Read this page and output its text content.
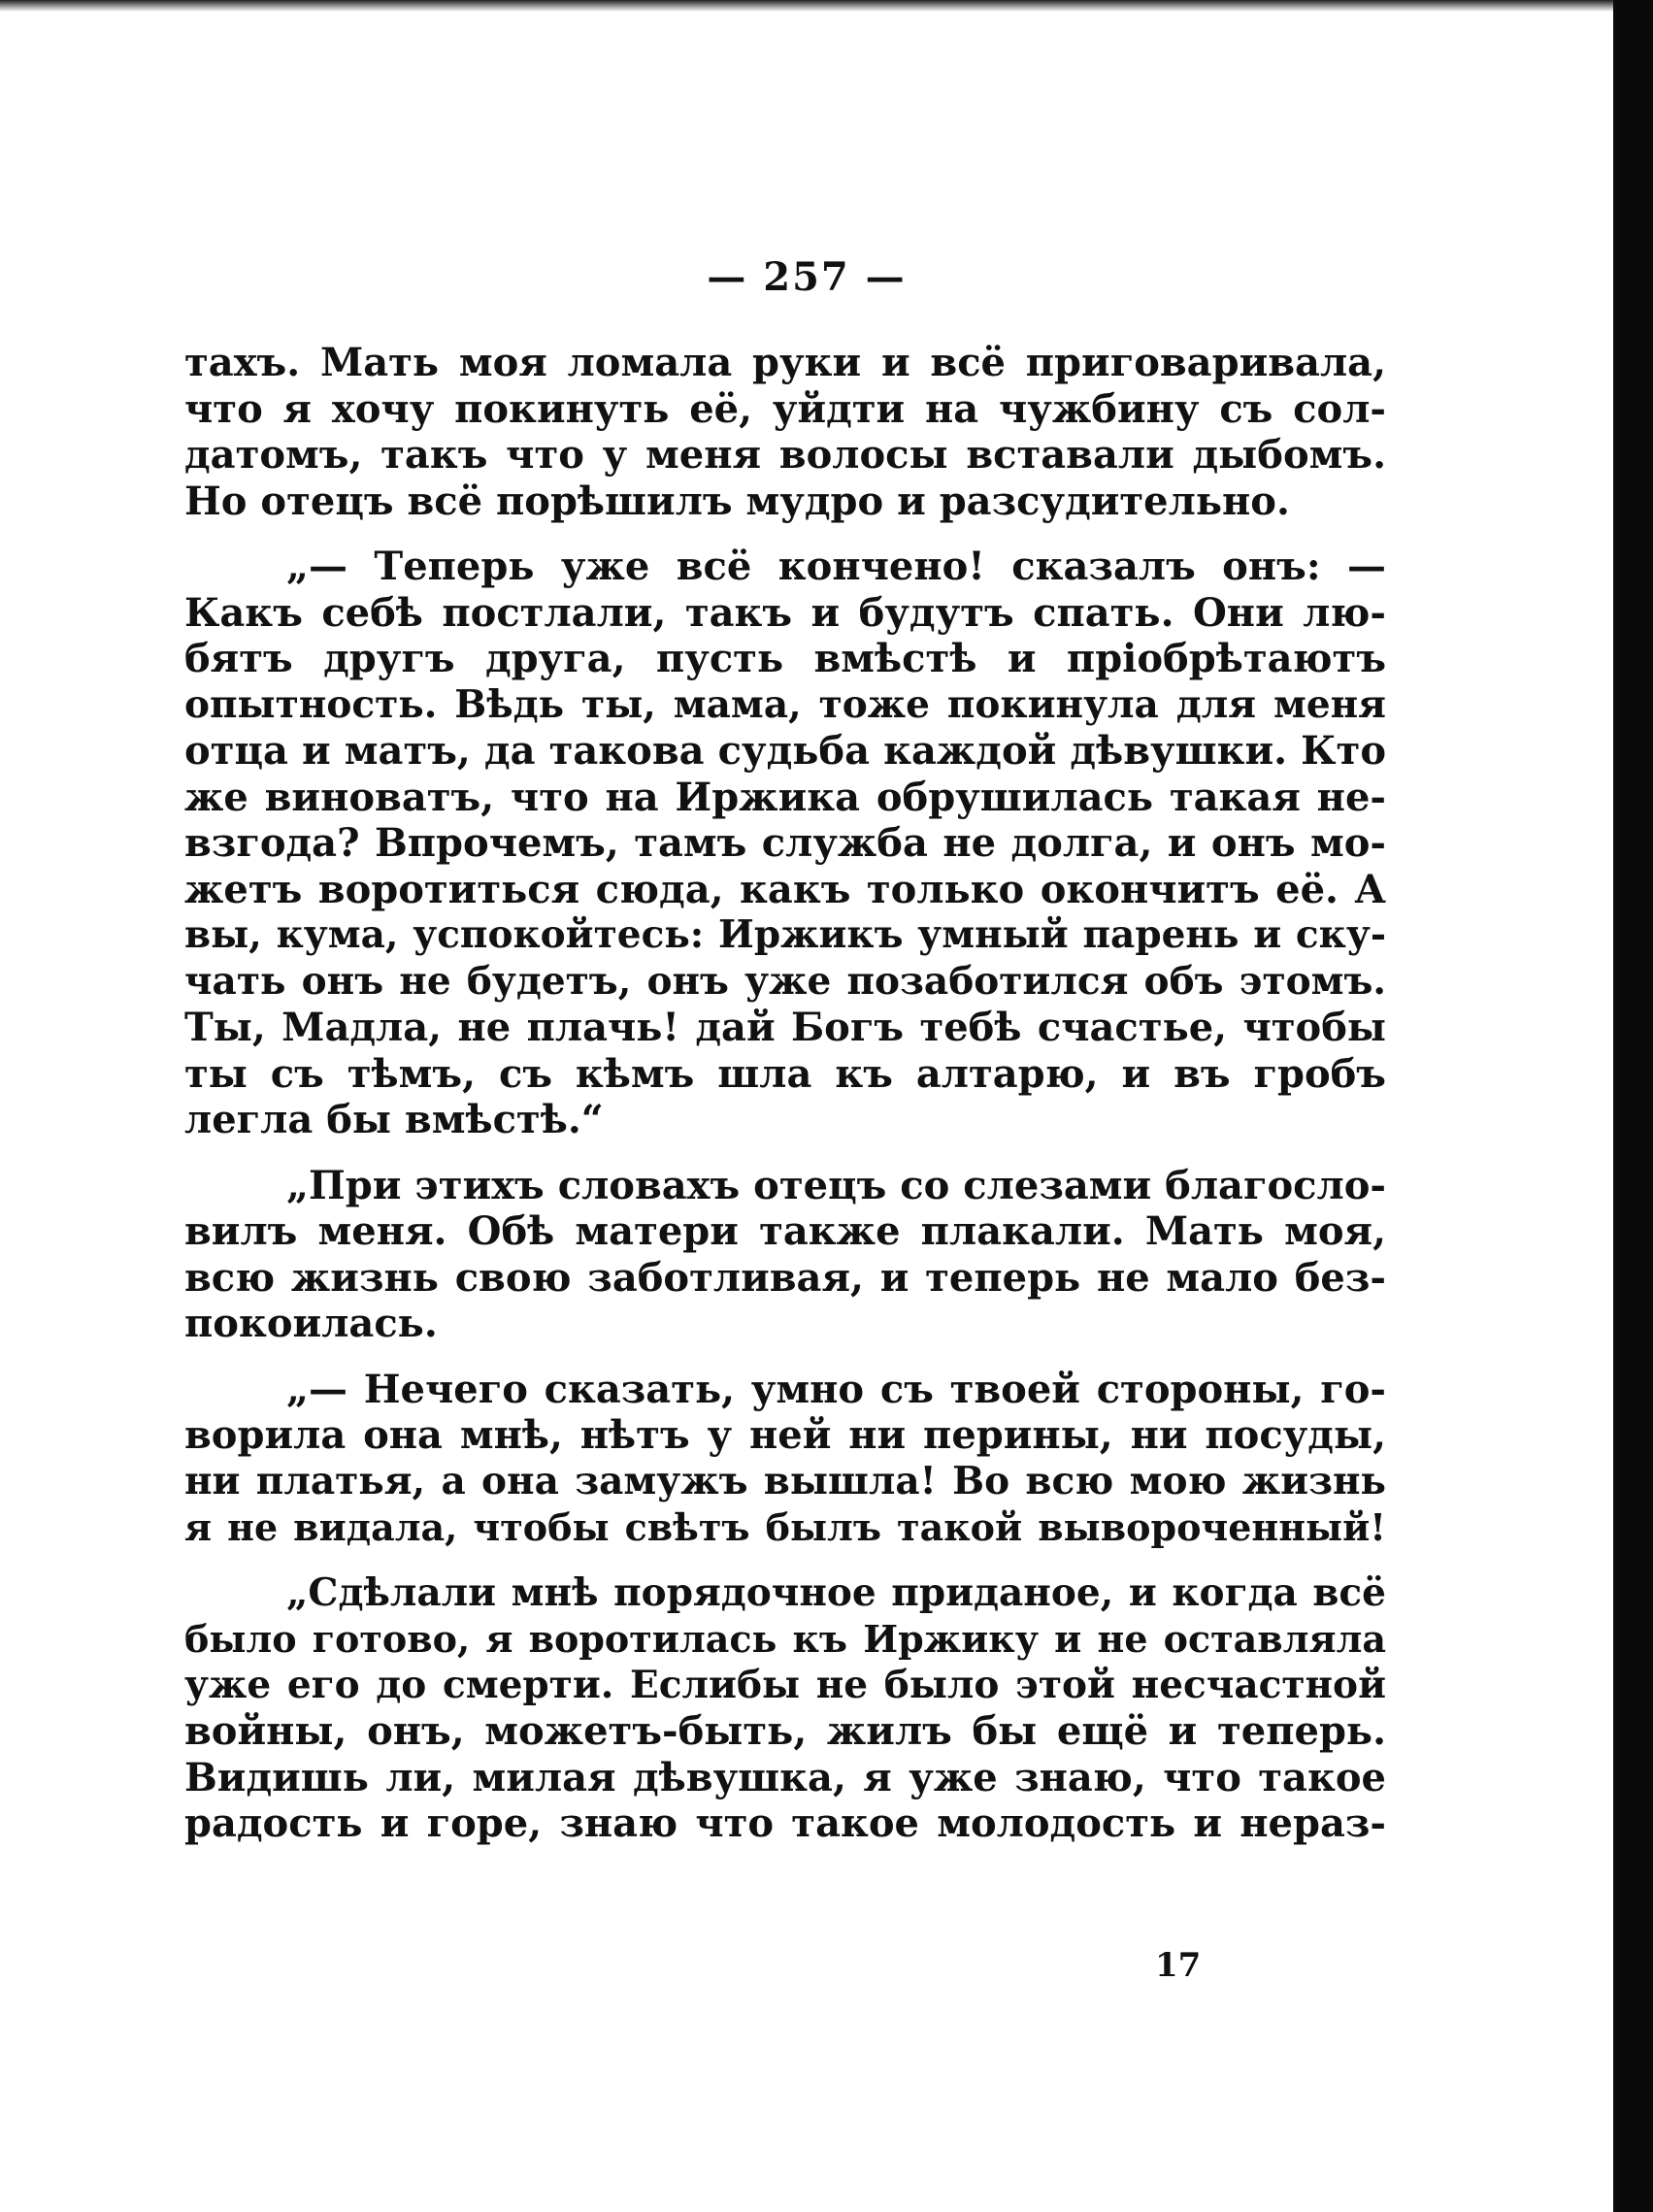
— 257 —

тахъ. Мать моя ломала руки и всё приговаривала,
что я хочу покинуть её, уйдти на чужбину съ сол-
датомъ, такъ что у меня волосы вставали дыбомъ.
Но отецъ всё порѣшилъ мудро и разсудительно.

„— Теперь уже всё кончено! сказалъ онъ: —
Какъ себѣ постлали, такъ и будутъ спать. Они лю-
бятъ другъ друга, пусть вмѣстѣ и пріобрѣтаютъ
опытность. Вѣдь ты, мама, тоже покинула для меня
отца и матъ, да такова судьба каждой дѣвушки. Кто
же виноватъ, что на Иржика обрушилась такая не-
взгода? Впрочемъ, тамъ служба не долга, и онъ мо-
жетъ воротиться сюда, какъ только окончитъ её. А
вы, кума, успокойтесь: Иржикъ умный парень и ску-
чать онъ не будетъ, онъ уже позаботился объ этомъ.
Ты, Мадла, не плачь! дай Богъ тебѣ счастье, чтобы
ты съ тѣмъ, съ кѣмъ шла къ алтарю, и въ гробъ
легла бы вмѣстѣ.“

„При этихъ словахъ отецъ со слезами благосло-
вилъ меня. Обѣ матери также плакали. Мать моя,
всю жизнь свою заботливая, и теперь не мало без-
покоилась.

„— Нечего сказать, умно съ твоей стороны, го-
ворила она мнѣ, нѣтъ у ней ни перины, ни посуды,
ни платья, а она замужъ вышла! Во всю мою жизнь
я не видала, чтобы свѣтъ былъ такой вывороченный!

„Сдѣлали мнѣ порядочное приданое, и когда всё
было готово, я воротилась къ Иржику и не оставляла
уже его до смерти. Еслибы не было этой несчастной
войны, онъ, можетъ-быть, жилъ бы ещё и теперь.
Видишь ли, милая дѣвушка, я уже знаю, что такое
радость и горе, знаю что такое молодость и нераз-

17
